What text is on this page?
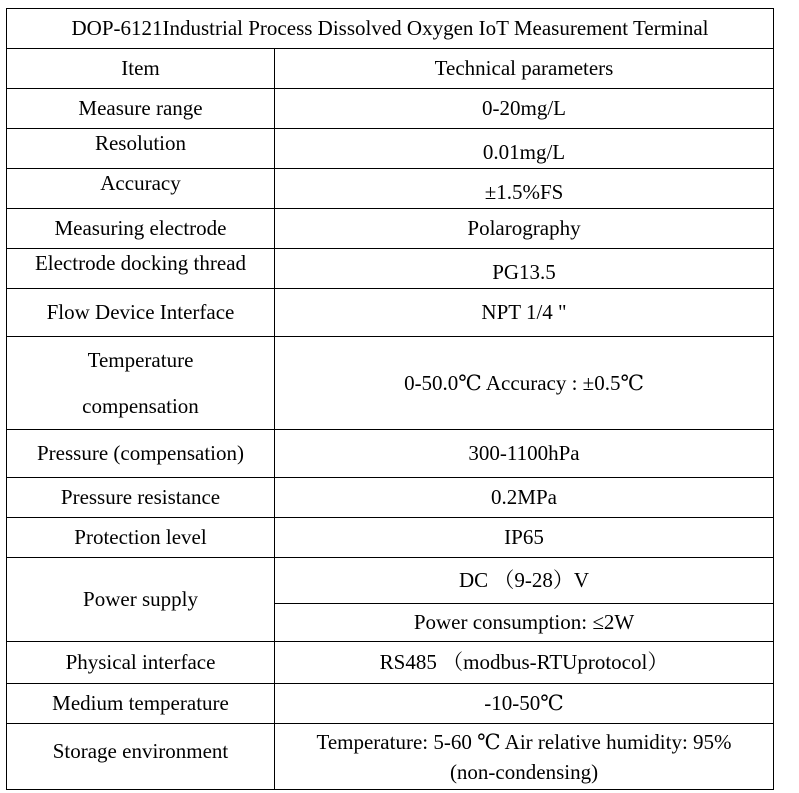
DOP-6121Industrial Process Dissolved Oxygen IoT Measurement Terminal	
Item	Technical parameters
Measure range	0-20mg/L
Resolution	0.01mg/L
Accuracy	±1.5%FS
Measuring electrode	Polarography
Electrode docking thread	PG13.5
Flow Device Interface	NPT 1/4 "

Temperature
compensation	0-50.0℃ Accuracy : ±0.5℃
Pressure (compensation)	300-1100hPa
Pressure resistance	0.2MPa
Protection level	IP65
Power supply	DC （9-28）V
	Power consumption: ≤2W
Physical interface	RS485 （modbus-RTUprotocol）
Medium temperature	-10-50℃
Storage environment	Temperature: 5-60 ℃ Air relative humidity: 95%
(non-condensing)
